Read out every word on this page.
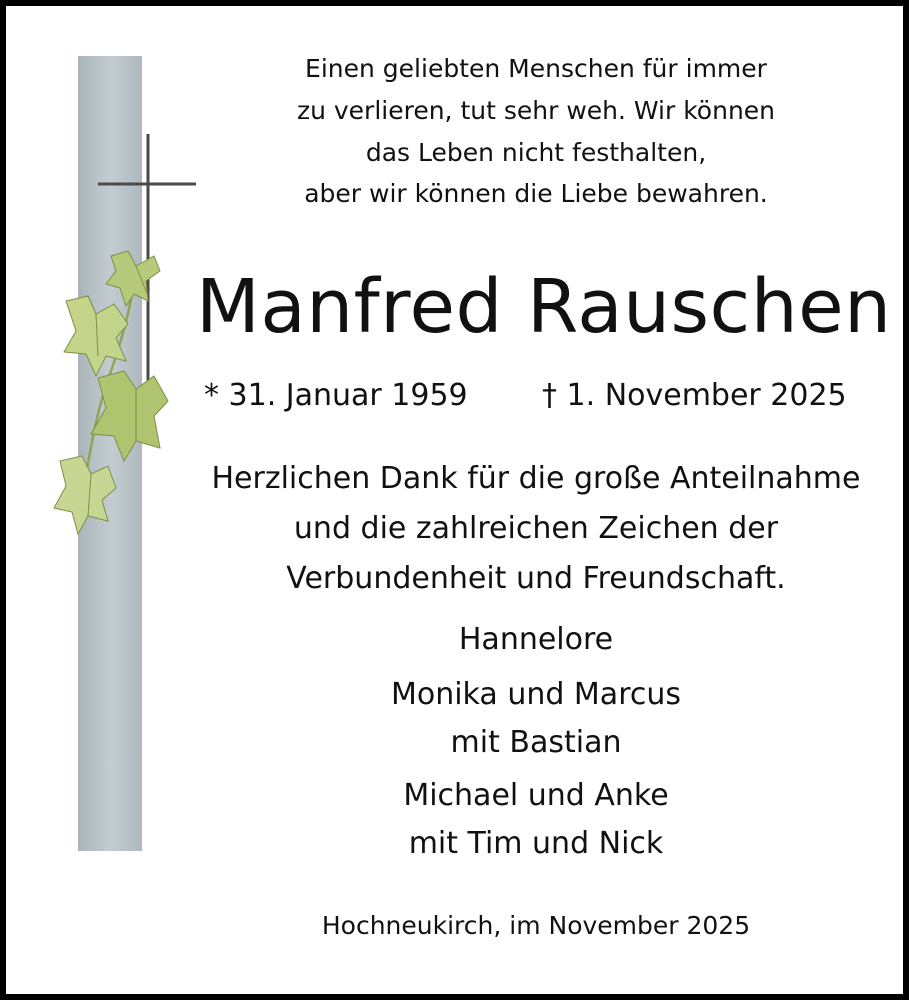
Einen geliebten Menschen für immer
zu verlieren, tut sehr weh. Wir können
das Leben nicht festhalten,
aber wir können die Liebe bewahren.
Manfred Rauschen
* 31. Januar 1959 † 1. November 2025
Herzlichen Dank für die große Anteilnahme
und die zahlreichen Zeichen der
Verbundenheit und Freundschaft.
Hannelore
Monika und Marcus
mit Bastian
Michael und Anke
mit Tim und Nick
Hochneukirch, im November 2025
